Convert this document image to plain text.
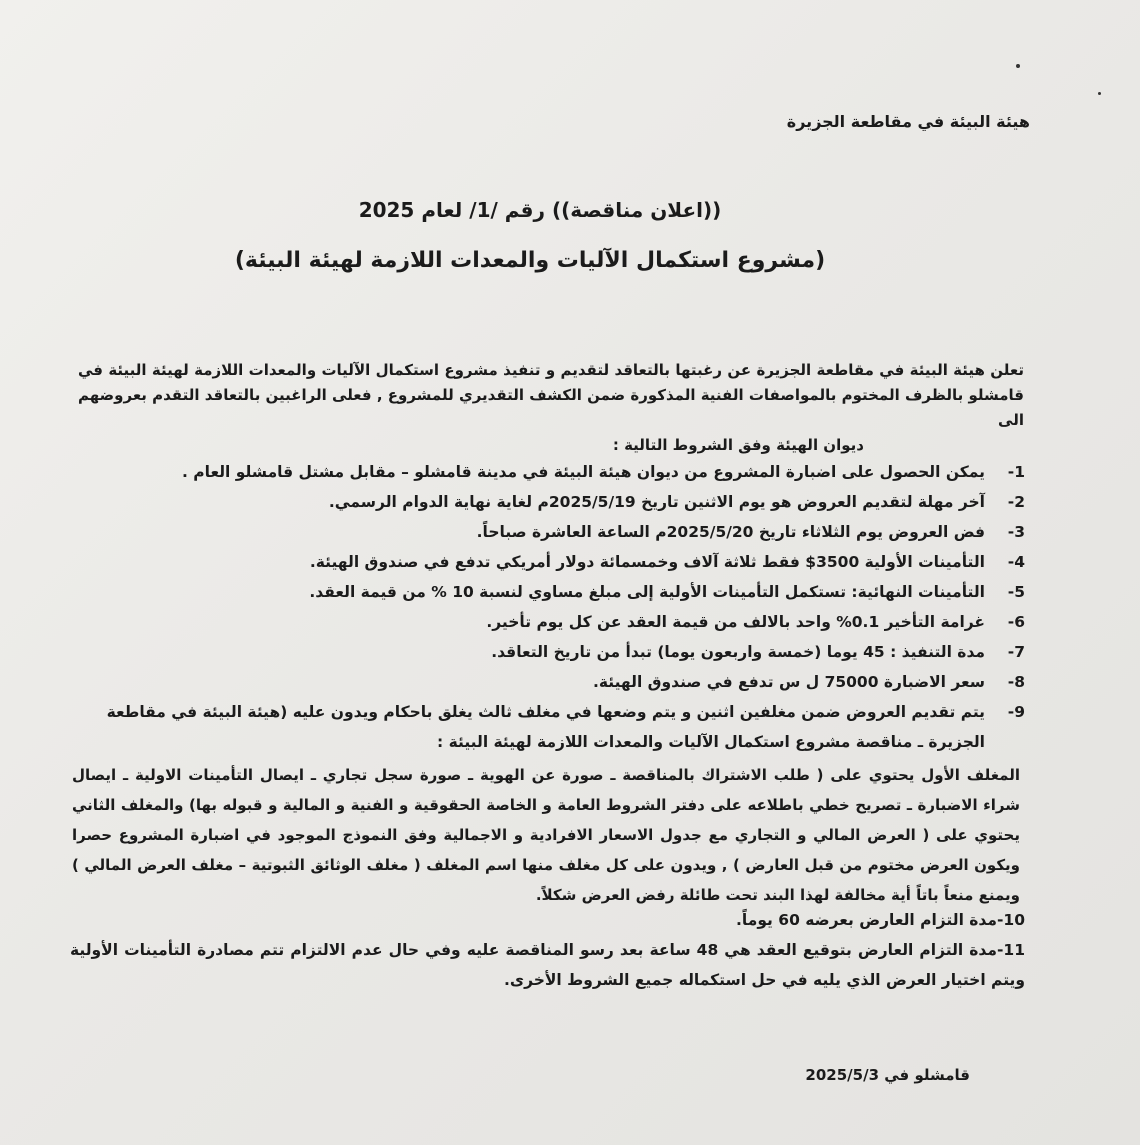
هيئة البيئة في مقاطعة الجزيرة
((اعلان مناقصة)) رقم /1/ لعام 2025
(مشروع استكمال الآليات والمعدات اللازمة لهيئة البيئة)
تعلن هيئة البيئة في مقاطعة الجزيرة عن رغبتها بالتعاقد لتقديم و تنفيذ مشروع استكمال الآليات والمعدات اللازمة لهيئة البيئة في قامشلو بالظرف المختوم بالمواصفات الفنية المذكورة ضمن الكشف التقديري للمشروع , فعلى الراغبين بالتعاقد التقدم بعروضهم الى
ديوان الهيئة وفق الشروط التالية :
1-
يمكن الحصول على اضبارة المشروع من ديوان هيئة البيئة في مدينة قامشلو – مقابل مشتل قامشلو العام .
2-
آخر مهلة لتقديم العروض هو يوم الاثنين تاريخ 2025/5/19م لغاية نهاية الدوام الرسمي.
3-
فض العروض يوم الثلاثاء تاريخ 2025/5/20م الساعة العاشرة صباحاً.
4-
التأمينات الأولية 3500$ فقط ثلاثة آلاف وخمسمائة دولار أمريكي تدفع في صندوق الهيئة.
5-
التأمينات النهائية: تستكمل التأمينات الأولية إلى مبلغ مساوي لنسبة 10 % من قيمة العقد.
6-
غرامة التأخير 0.1% واحد بالالف من قيمة العقد عن كل يوم تأخير.
7-
مدة التنفيذ : 45 يوما (خمسة واربعون يوما) تبدأ من تاريخ التعاقد.
8-
سعر الاضبارة 75000 ل س تدفع في صندوق الهيئة.
9-
يتم تقديم العروض ضمن مغلفين اثنين و يتم وضعها في مغلف ثالث يغلق باحكام ويدون عليه (هيئة البيئة في مقاطعة الجزيرة ـ مناقصة مشروع استكمال الآليات والمعدات اللازمة لهيئة البيئة :
المغلف الأول يحتوي على ( طلب الاشتراك بالمناقصة ـ صورة عن الهوية ـ صورة سجل تجاري ـ ايصال التأمينات الاولية ـ ايصال شراء الاضبارة ـ تصريح خطي باطلاعه على دفتر الشروط العامة و الخاصة الحقوقية و الفنية و المالية و قبوله بها) والمغلف الثاني يحتوي على ( العرض المالي و التجاري مع جدول الاسعار الافرادية و الاجمالية وفق النموذج الموجود في اضبارة المشروع حصرا ويكون العرض مختوم من قبل العارض ) , ويدون على كل مغلف منها اسم المغلف ( مغلف الوثائق الثبوتية – مغلف العرض المالي ) ويمنع منعاً باتاً أية مخالفة لهذا البند تحت طائلة رفض العرض شكلاً.
10-مدة التزام العارض بعرضه 60 يوماً.
11-مدة التزام العارض بتوقيع العقد هي 48 ساعة بعد رسو المناقصة عليه وفي حال عدم الالتزام تتم مصادرة التأمينات الأولية ويتم اختيار العرض الذي يليه في حل استكماله جميع الشروط الأخرى.
قامشلو في 2025/5/3
